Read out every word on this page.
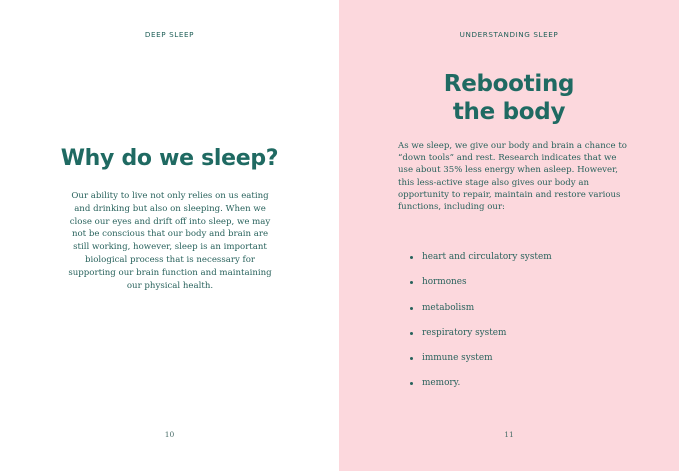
DEEP SLEEP
Why do we sleep?

Our ability to live not only relies on us eating and drinking but also on sleeping. When we close our eyes and drift off into sleep, we may not be conscious that our body and brain are still working, however, sleep is an important biological process that is necessary for supporting our brain function and maintaining our physical health.

10
UNDERSTANDING SLEEP
Rebooting
the body

As we sleep, we give our body and brain a chance to “down tools” and rest. Research indicates that we use about 35% less energy when asleep. However, this less-active stage also gives our body an opportunity to repair, maintain and restore various functions, including our:

heart and circulatory system
hormones
metabolism
respiratory system
immune system
memory.
11
